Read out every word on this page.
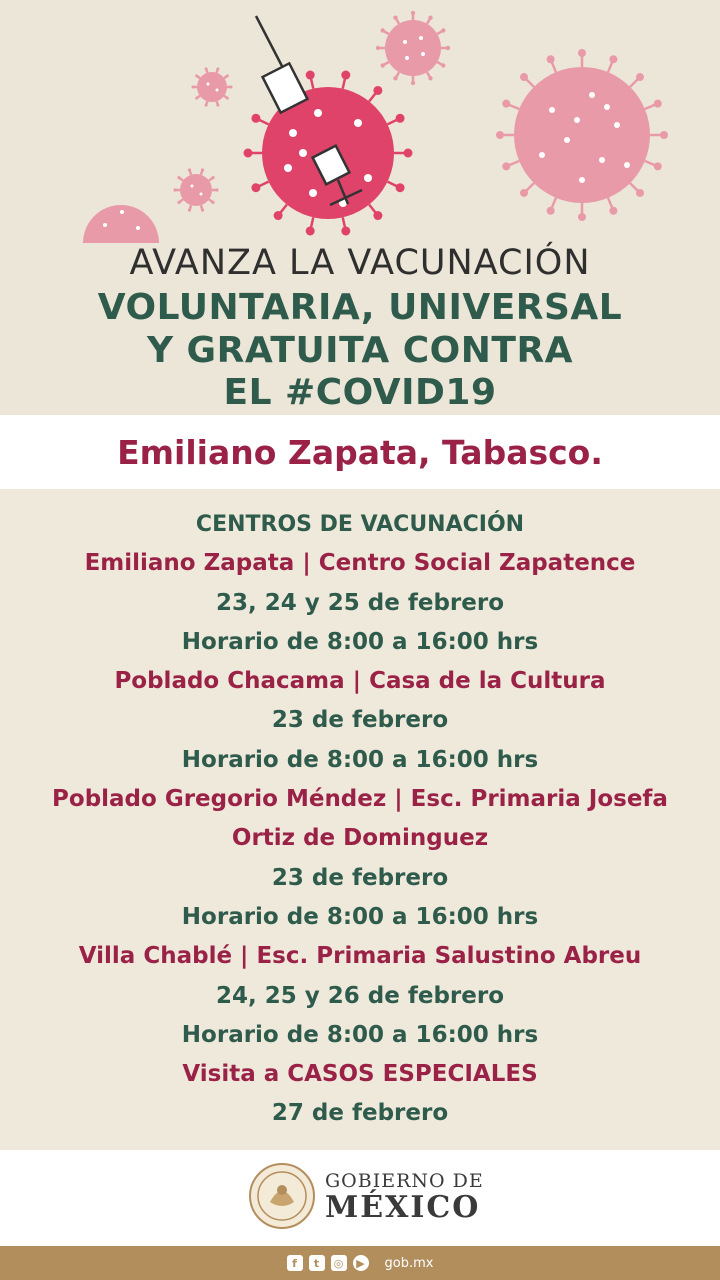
AVANZA LA VACUNACIÓN
VOLUNTARIA, UNIVERSAL
Y GRATUITA CONTRA
EL #COVID19
Emiliano Zapata, Tabasco.
CENTROS DE VACUNACIÓN
Emiliano Zapata | Centro Social Zapatence
23, 24 y 25 de febrero
Horario de 8:00 a 16:00 hrs
Poblado Chacama | Casa de la Cultura
23 de febrero
Horario de 8:00 a 16:00 hrs
Poblado Gregorio Méndez | Esc. Primaria Josefa
Ortiz de Dominguez
23 de febrero
Horario de 8:00 a 16:00 hrs
Villa Chablé | Esc. Primaria Salustino Abreu
24, 25 y 26 de febrero
Horario de 8:00 a 16:00 hrs
Visita a CASOS ESPECIALES
27 de febrero
GOBIERNO DE
MÉXICO
f	t	◎	▶ gob.mx
